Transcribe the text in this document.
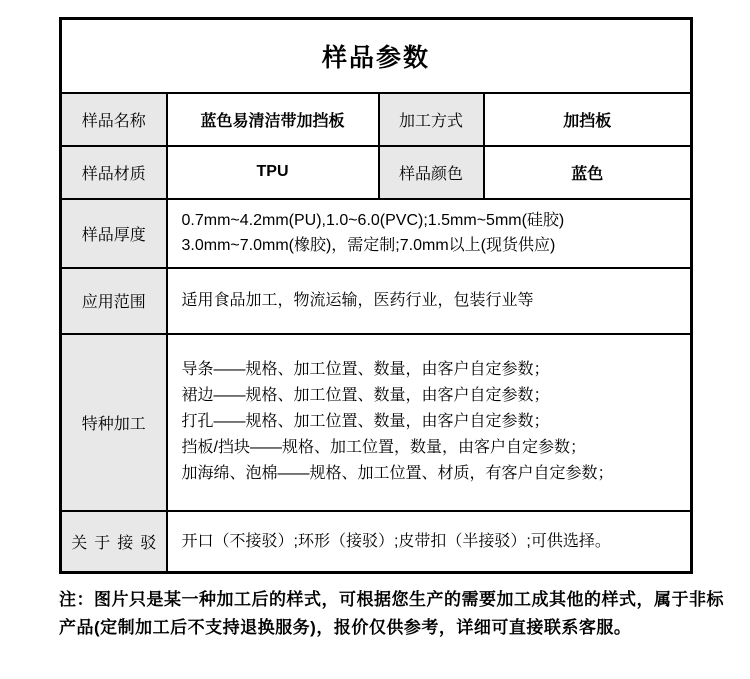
样品参数			
样品名称	蓝色易清洁带加挡板	加工方式	加挡板
样品材质	TPU	样品颜色	蓝色
样品厚度	0.7mm~4.2mm(PU),1.0~6.0(PVC);1.5mm~5mm(硅胶)
3.0mm~7.0mm(橡胶)，需定制;7.0mm以上(现货供应)		

应用范围	适用食品加工，物流运输，医药行业，包装行业等		
特种加工	导条——规格、加工位置、数量，由客户自定参数；
裙边——规格、加工位置、数量，由客户自定参数；
打孔——规格、加工位置、数量，由客户自定参数；
挡板/挡块——规格、加工位置，数量，由客户自定参数；
加海绵、泡棉——规格、加工位置、材质，有客户自定参数；		

关于接驳	开口（不接驳）;环形（接驳）;皮带扣（半接驳）;可供选择。		
注：图片只是某一种加工后的样式，可根据您生产的需要加工成其他的样式，属于非标
产品(定制加工后不支持退换服务)，报价仅供参考，详细可直接联系客服。
